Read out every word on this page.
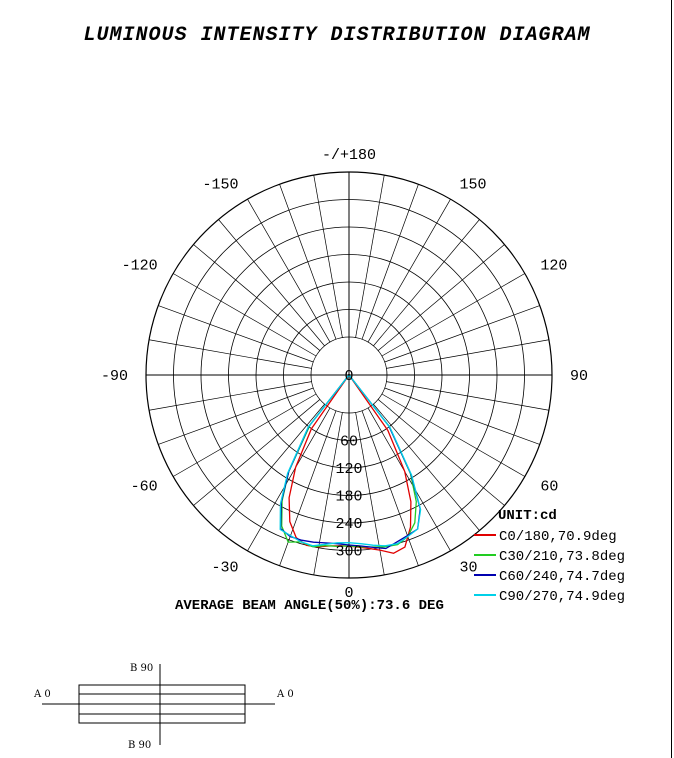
LUMINOUS INTENSITY DISTRIBUTION DIAGRAM
-/+180
150
120
90
60
30
0
-30
-60
-90
-120
-150
0
60
120
180
240
300
UNIT:cd
C0/180,70.9deg
C30/210,73.8deg
C60/240,74.7deg
C90/270,74.9deg
AVERAGE BEAM ANGLE(50%):73.6 DEG
B 90
B 90
A 0	A 0
